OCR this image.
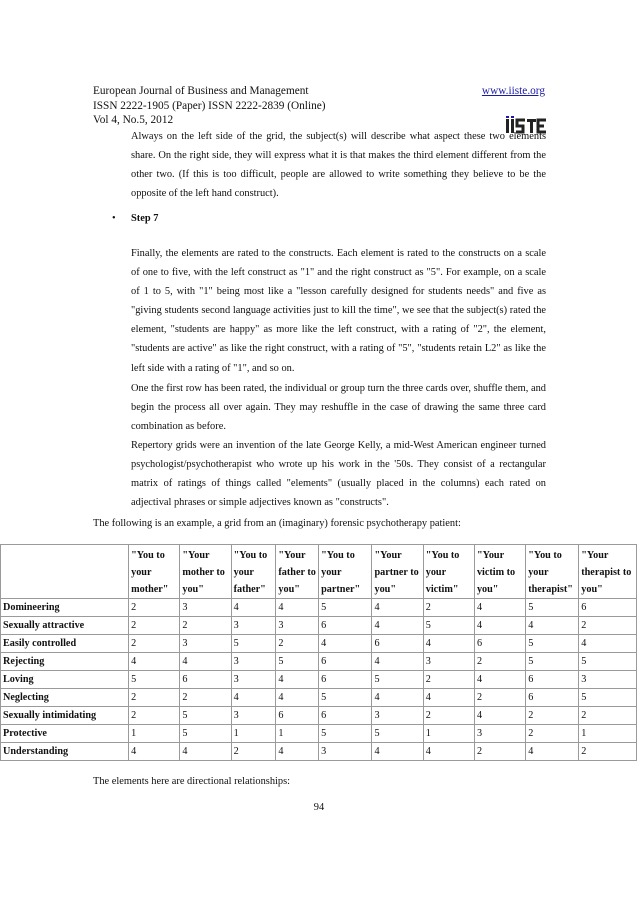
European Journal of Business and Management	www.iiste.org
ISSN 2222-1905 (Paper) ISSN 2222-2839 (Online)
Vol 4, No.5, 2012
Always on the left side of the grid, the subject(s) will describe what aspect these two elements share. On the right side, they will express what it is that makes the third element different from the other two. (If this is too difficult, people are allowed to write something they believe to be the opposite of the left hand construct).
• Step 7
Finally, the elements are rated to the constructs. Each element is rated to the constructs on a scale of one to five, with the left construct as "1" and the right construct as "5". For example, on a scale of 1 to 5, with "1" being most like a "lesson carefully designed for students needs" and five as "giving students second language activities just to kill the time", we see that the subject(s) rated the element, "students are happy" as more like the left construct, with a rating of "2", the element, "students are active" as like the right construct, with a rating of "5", "students retain L2" as like the left side with a rating of "1", and so on.
One the first row has been rated, the individual or group turn the three cards over, shuffle them, and begin the process all over again. They may reshuffle in the case of drawing the same three card combination as before.
Repertory grids were an invention of the late George Kelly, a mid-West American engineer turned psychologist/psychotherapist who wrote up his work in the '50s. They consist of a rectangular matrix of ratings of things called "elements" (usually placed in the columns) each rated on adjectival phrases or simple adjectives known as "constructs".
The following is an example, a grid from an (imaginary) forensic psychotherapy patient:
	"You to your mother"	"Your mother to you"	"You to your father"	"Your father to you"	"You to your partner"	"Your partner to you"	"You to your victim"	"Your victim to you"	"You to your therapist"	"Your therapist to you"
Domineering	2	3	4	4	5	4	2	4	5	6
Sexually attractive	2	2	3	3	6	4	5	4	4	2
Easily controlled	2	3	5	2	4	6	4	6	5	4
Rejecting	4	4	3	5	6	4	3	2	5	5
Loving	5	6	3	4	6	5	2	4	6	3
Neglecting	2	2	4	4	5	4	4	2	6	5
Sexually intimidating	2	5	3	6	6	3	2	4	2	2
Protective	1	5	1	1	5	5	1	3	2	1
Understanding	4	4	2	4	3	4	4	2	4	2
The elements here are directional relationships:
94
